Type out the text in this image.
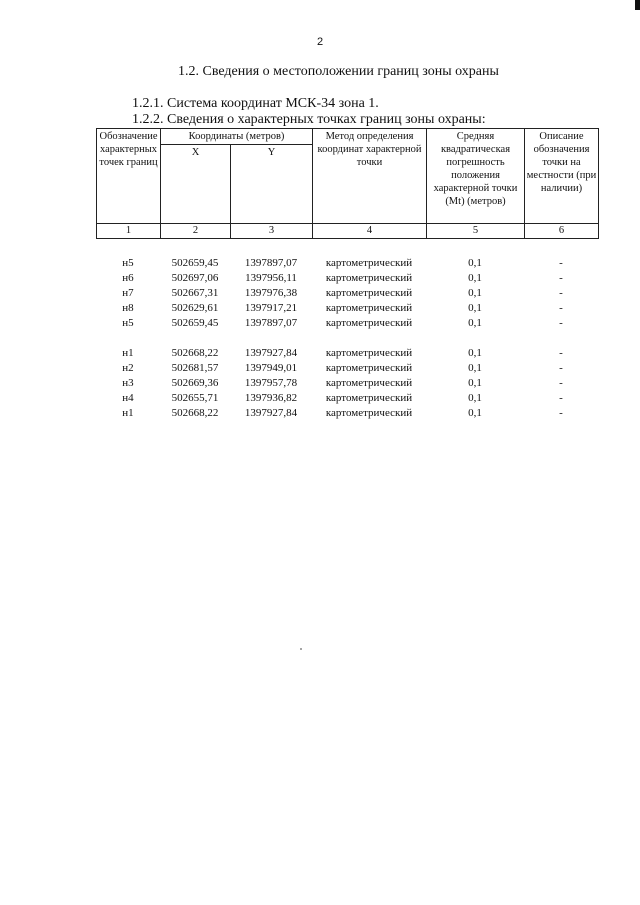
2
1.2. Сведения о местоположении границ зоны охраны
1.2.1. Система координат МСК-34 зона 1.
1.2.2. Сведения о характерных точках границ зоны охраны:
Обозначение характерных точек границ	Координаты (метров)		Метод определения координат характерной точки	Средняя квадратическая погрешность положения характерной точки (Мt) (метров)	Описание обозначения точки на местности (при наличии)
	X	Y			
1	2	3	4	5	6
н5	502659,45	1397897,07	картометрический	0,1	-
н6	502697,06	1397956,11	картометрический	0,1	-
н7	502667,31	1397976,38	картометрический	0,1	-
н8	502629,61	1397917,21	картометрический	0,1	-
н5	502659,45	1397897,07	картометрический	0,1	-
н1	502668,22	1397927,84	картометрический	0,1	-
н2	502681,57	1397949,01	картометрический	0,1	-
н3	502669,36	1397957,78	картометрический	0,1	-
н4	502655,71	1397936,82	картометрический	0,1	-
н1	502668,22	1397927,84	картометрический	0,1	-
